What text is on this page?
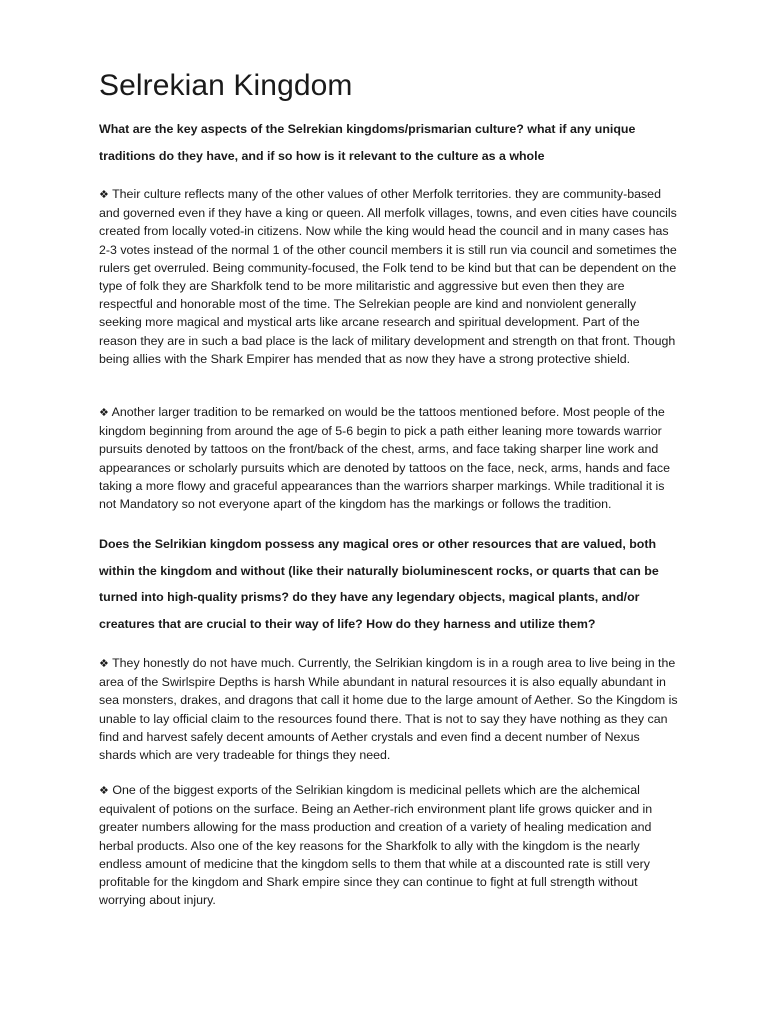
Selrekian Kingdom

What are the key aspects of the Selrekian kingdoms/prismarian culture? what if any unique traditions do they have, and if so how is it relevant to the culture as a whole

❖ Their culture reflects many of the other values of other Merfolk territories. they are community-based and governed even if they have a king or queen. All merfolk villages, towns, and even cities have councils created from locally voted-in citizens. Now while the king would head the council and in many cases has 2-3 votes instead of the normal 1 of the other council members it is still run via council and sometimes the rulers get overruled. Being community-focused, the Folk tend to be kind but that can be dependent on the type of folk they are Sharkfolk tend to be more militaristic and aggressive but even then they are respectful and honorable most of the time. The Selrekian people are kind and nonviolent generally seeking more magical and mystical arts like arcane research and spiritual development. Part of the reason they are in such a bad place is the lack of military development and strength on that front. Though being allies with the Shark Empirer has mended that as now they have a strong protective shield.

❖ Another larger tradition to be remarked on would be the tattoos mentioned before. Most people of the kingdom beginning from around the age of 5-6 begin to pick a path either leaning more towards warrior pursuits denoted by tattoos on the front/back of the chest, arms, and face taking sharper line work and appearances or scholarly pursuits which are denoted by tattoos on the face, neck, arms, hands and face taking a more flowy and graceful appearances than the warriors sharper markings. While traditional it is not Mandatory so not everyone apart of the kingdom has the markings or follows the tradition.

Does the Selrikian kingdom possess any magical ores or other resources that are valued, both within the kingdom and without (like their naturally bioluminescent rocks, or quarts that can be turned into high-quality prisms? do they have any legendary objects, magical plants, and/or creatures that are crucial to their way of life? How do they harness and utilize them?

❖ They honestly do not have much. Currently, the Selrikian kingdom is in a rough area to live being in the area of the Swirlspire Depths is harsh While abundant in natural resources it is also equally abundant in sea monsters, drakes, and dragons that call it home due to the large amount of Aether. So the Kingdom is unable to lay official claim to the resources found there. That is not to say they have nothing as they can find and harvest safely decent amounts of Aether crystals and even find a decent number of Nexus shards which are very tradeable for things they need.

❖ One of the biggest exports of the Selrikian kingdom is medicinal pellets which are the alchemical equivalent of potions on the surface. Being an Aether-rich environment plant life grows quicker and in greater numbers allowing for the mass production and creation of a variety of healing medication and herbal products. Also one of the key reasons for the Sharkfolk to ally with the kingdom is the nearly endless amount of medicine that the kingdom sells to them that while at a discounted rate is still very profitable for the kingdom and Shark empire since they can continue to fight at full strength without worrying about injury.
